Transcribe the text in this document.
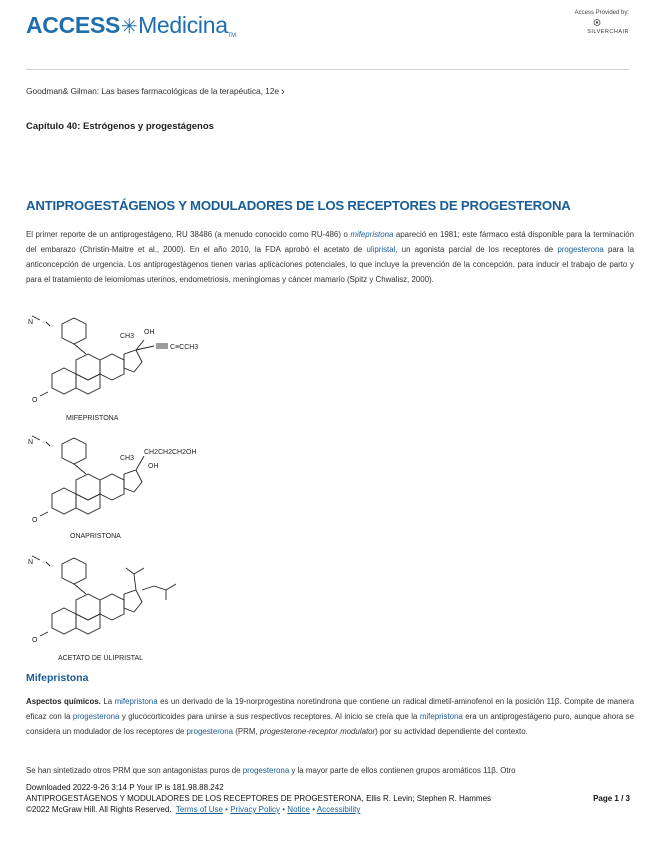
ACCESS✳MedicinaTM
Access Provided by:
SILVERCHAIR
Goodman& Gilman: Las bases farmacológicas de la terapéutica, 12e ›
Capítulo 40: Estrógenos y progestágenos
ANTIPROGESTÁGENOS Y MODULADORES DE LOS RECEPTORES DE PROGESTERONA
El primer reporte de un antiprogestágeno, RU 38486 (a menudo conocido como RU-486) o mifepristona apareció en 1981; este fármaco está disponible para la terminación del embarazo (Christin-Maitre et al., 2000). En el año 2010, la FDA aprobó el acetato de ulipristal, un agonista parcial de los receptores de progesterona para la anticoncepción de urgencia. Los antiprogestágenos tienen varias aplicaciones potenciales, lo que incluye la prevención de la concepción, para inducir el trabajo de parto y para el tratamiento de leiomiomas uterinos, endometriosis, meningiomas y cáncer mamario (Spitz y Chwalisz, 2000).
N
CH3
OH
C≡CCH3
O
MIFEPRISTONA
N
CH3
CH2CH2CH2OH
OH
O
ONAPRISTONA
N
O
ACETATO DE ULIPRISTAL
Mifepristona
Aspectos químicos. La mifepristona es un derivado de la 19-norprogestina noretindrona que contiene un radical dimetil-aminofenol en la posición 11β. Compite de manera eficaz con la progesterona y glucocorticoides para unirse a sus respectivos receptores. Al inicio se creía que la mifepristona era un antiprogestágeno puro, aunque ahora se considera un modulador de los receptores de progesterona (PRM, progesterone-receptor modulator) por su actividad dependiente del contexto.
Se han sintetizado otros PRM que son antagonistas puros de progesterona y la mayor parte de ellos contienen grupos aromáticos 11β. Otro
Downloaded 2022-9-26 3:14 P Your IP is 181.98.88.242
ANTIPROGESTÁGENOS Y MODULADORES DE LOS RECEPTORES DE PROGESTERONA, Ellis R. Levin; Stephen R. Hammes	Page 1 / 3
©2022 McGraw Hill. All Rights Reserved. Terms of Use • Privacy Policy • Notice • Accessibility
